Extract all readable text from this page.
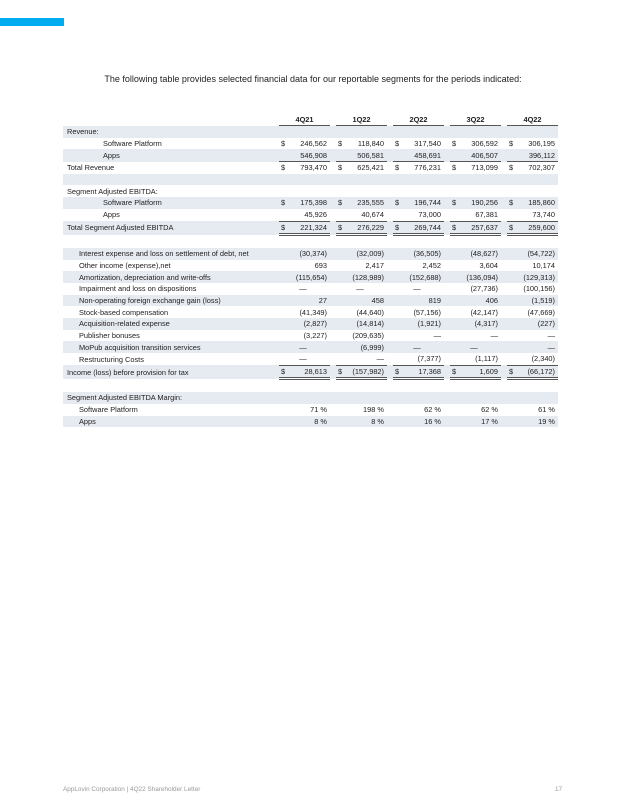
The following table provides selected financial data for our reportable segments for the periods indicated:
		4Q21		1Q22		2Q22		3Q22		4Q22
Revenue:										
Software Platform		$ 246,562		$ 118,840		$ 317,540		$ 306,592		$ 306,195
Apps		546,908		506,581		458,691		406,507		396,112
Total Revenue		$ 793,470		$ 625,421		$ 776,231		$ 713,099		$ 702,307

Segment Adjusted EBITDA:										
Software Platform		$ 175,398		$ 235,555		$ 196,744		$ 190,256		$ 185,860
Apps		45,926		40,674		73,000		67,381		73,740
Total Segment Adjusted EBITDA		$ 221,324		$ 276,229		$ 269,744		$ 257,637		$ 259,600

Interest expense and loss on settlement of debt, net		(30,374)		(32,009)		(36,505)		(48,627)		(54,722)
Other income (expense),net		693		2,417		2,452		3,604		10,174
Amortization, depreciation and write-offs		(115,654)		(128,989)		(152,688)		(136,094)		(129,313)
Impairment and loss on dispositions		—		—		—		(27,736)		(100,156)
Non-operating foreign exchange gain (loss)		27		458		819		406		(1,519)
Stock-based compensation		(41,349)		(44,640)		(57,156)		(42,147)		(47,669)
Acquisition-related expense		(2,827)		(14,814)		(1,921)		(4,317)		(227)
Publisher bonuses		(3,227)		(209,635)		—		—		—
MoPub acquisition transition services		—		(6,999)		—		—		—
Restructuring Costs		—		—		(7,377)		(1,117)		(2,340)
Income (loss) before provision for tax		$ 28,613		$ (157,982)		$ 17,368		$ 1,609		$ (66,172)

Segment Adjusted EBITDA Margin:										
Software Platform		71 %		198 %		62 %		62 %		61 %
Apps		8 %		8 %		16 %		17 %		19 %
AppLovin Corporation | 4Q22 Shareholder Letter	17
